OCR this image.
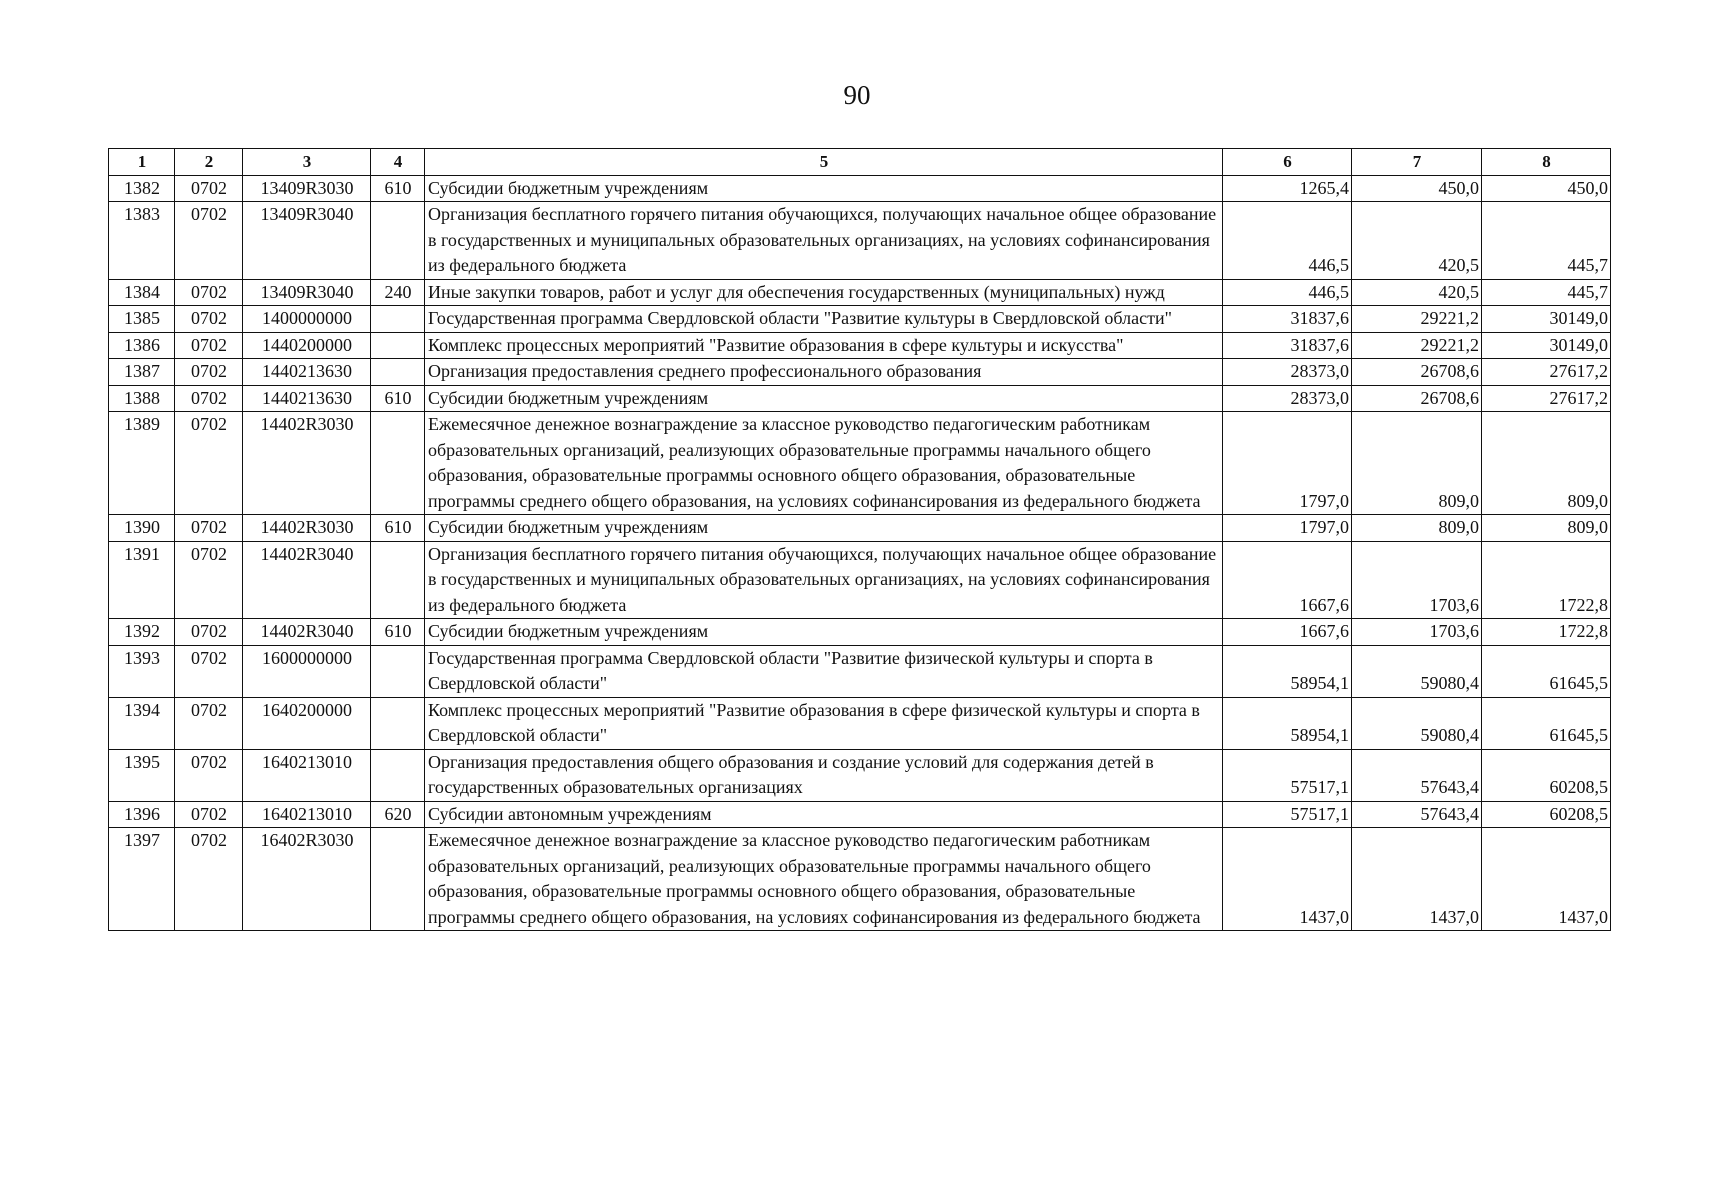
90
1	2	3	4	5	6	7	8
1382	0702	13409R3030	610	Субсидии бюджетным учреждениям	1265,4	450,0	450,0
1383	0702	13409R3040		Организация бесплатного горячего питания обучающихся, получающих начальное общее образование в государственных и муниципальных образовательных организациях, на условиях софинансирования из федерального бюджета	446,5	420,5	445,7
1384	0702	13409R3040	240	Иные закупки товаров, работ и услуг для обеспечения государственных (муниципальных) нужд	446,5	420,5	445,7
1385	0702	1400000000		Государственная программа Свердловской области "Развитие культуры в Свердловской области"	31837,6	29221,2	30149,0
1386	0702	1440200000		Комплекс процессных мероприятий "Развитие образования в сфере культуры и искусства"	31837,6	29221,2	30149,0
1387	0702	1440213630		Организация предоставления среднего профессионального образования	28373,0	26708,6	27617,2
1388	0702	1440213630	610	Субсидии бюджетным учреждениям	28373,0	26708,6	27617,2
1389	0702	14402R3030		Ежемесячное денежное вознаграждение за классное руководство педагогическим работникам образовательных организаций, реализующих образовательные программы начального общего образования, образовательные программы основного общего образования, образовательные программы среднего общего образования, на условиях софинансирования из федерального бюджета	1797,0	809,0	809,0
1390	0702	14402R3030	610	Субсидии бюджетным учреждениям	1797,0	809,0	809,0
1391	0702	14402R3040		Организация бесплатного горячего питания обучающихся, получающих начальное общее образование в государственных и муниципальных образовательных организациях, на условиях софинансирования из федерального бюджета	1667,6	1703,6	1722,8
1392	0702	14402R3040	610	Субсидии бюджетным учреждениям	1667,6	1703,6	1722,8
1393	0702	1600000000		Государственная программа Свердловской области "Развитие физической культуры и спорта в Свердловской области"	58954,1	59080,4	61645,5
1394	0702	1640200000		Комплекс процессных мероприятий "Развитие образования в сфере физической культуры и спорта в Свердловской области"	58954,1	59080,4	61645,5
1395	0702	1640213010		Организация предоставления общего образования и создание условий для содержания детей в государственных образовательных организациях	57517,1	57643,4	60208,5
1396	0702	1640213010	620	Субсидии автономным учреждениям	57517,1	57643,4	60208,5
1397	0702	16402R3030		Ежемесячное денежное вознаграждение за классное руководство педагогическим работникам образовательных организаций, реализующих образовательные программы начального общего образования, образовательные программы основного общего образования, образовательные программы среднего общего образования, на условиях софинансирования из федерального бюджета	1437,0	1437,0	1437,0
